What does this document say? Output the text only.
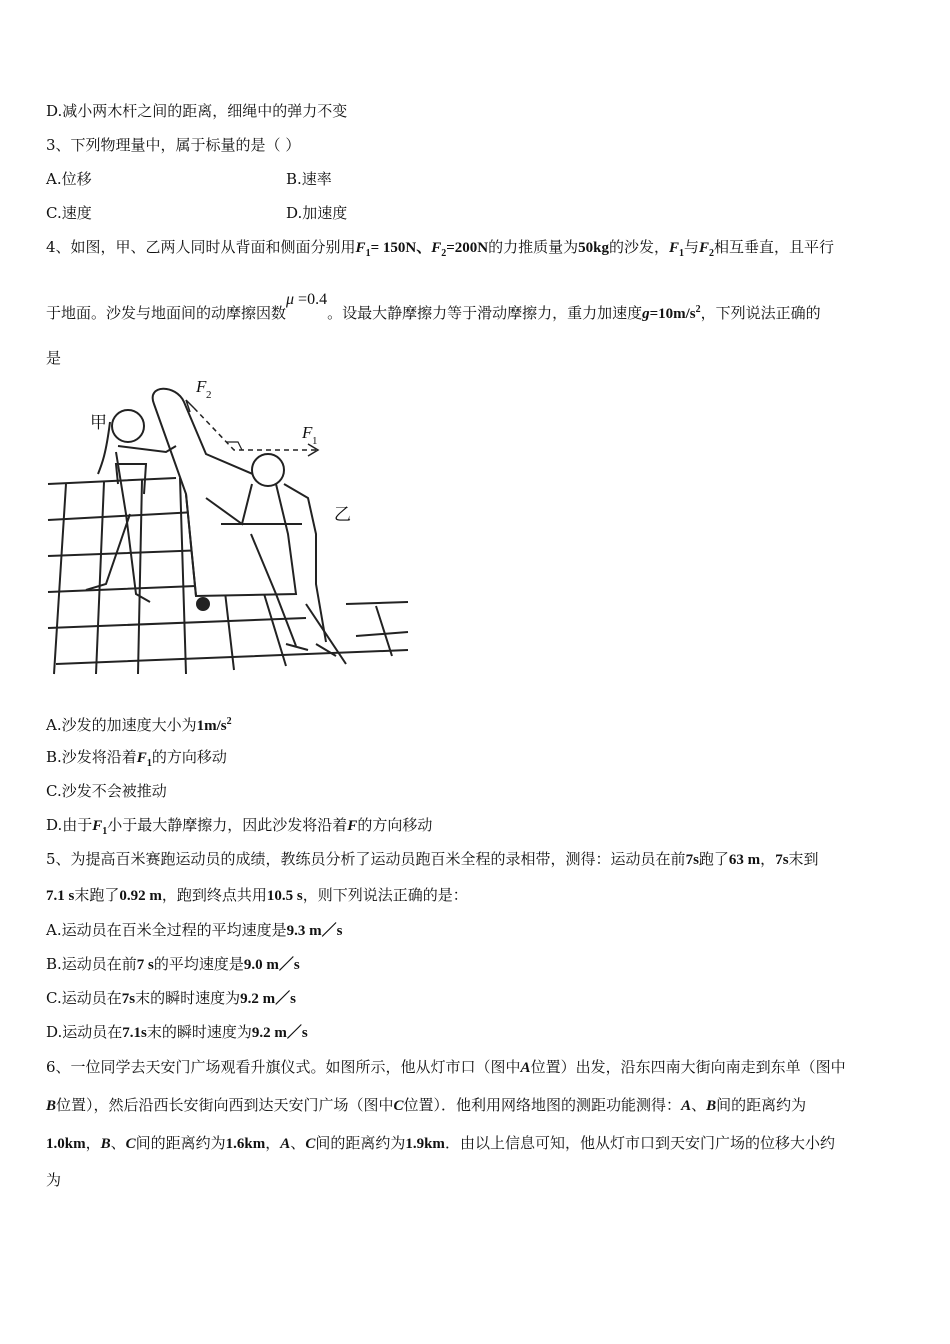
D.减小两木杆之间的距离，细绳中的弹力不变
3、下列物理量中，属于标量的是（ ）
A.位移	B.速率
C.速度	D.加速度
4、如图，甲、乙两人同时从背面和侧面分别用$F_1= 150N$、$F_2=200N$的力推质量为50kg的沙发，$F_1$与$F_2$相互垂直，且平行
于地面。沙发与地面间的动摩擦因数μ =0.4。设最大静摩擦力等于滑动摩擦力，重力加速度$g=10m/s^2$，下列说法正确的
是
甲
乙
F 2
F 1
A.沙发的加速度大小为$1m/s^2$
B.沙发将沿着$F_1$的方向移动
C.沙发不会被推动
D.由于$F_1$小于最大静摩擦力，因此沙发将沿着F的方向移动
5、为提高百米赛跑运动员的成绩，教练员分析了运动员跑百米全程的录相带，测得：运动员在前7s跑了63 m，7s末到
7.1 s末跑了0.92 m，跑到终点共用10.5 s，则下列说法正确的是：
A.运动员在百米全过程的平均速度是9.3 m／s
B.运动员在前7 s的平均速度是9.0 m／s
C.运动员在7s末的瞬时速度为9.2 m／s
D.运动员在7.1s末的瞬时速度为9.2 m／s
6、一位同学去天安门广场观看升旗仪式。如图所示，他从灯市口（图中A位置）出发，沿东四南大街向南走到东单（图中
B位置），然后沿西长安街向西到达天安门广场（图中C位置）．他利用网络地图的测距功能测得：A、B间的距离约为
1.0km，B、C间的距离约为1.6km，A、C间的距离约为1.9km．由以上信息可知，他从灯市口到天安门广场的位移大小约
为
